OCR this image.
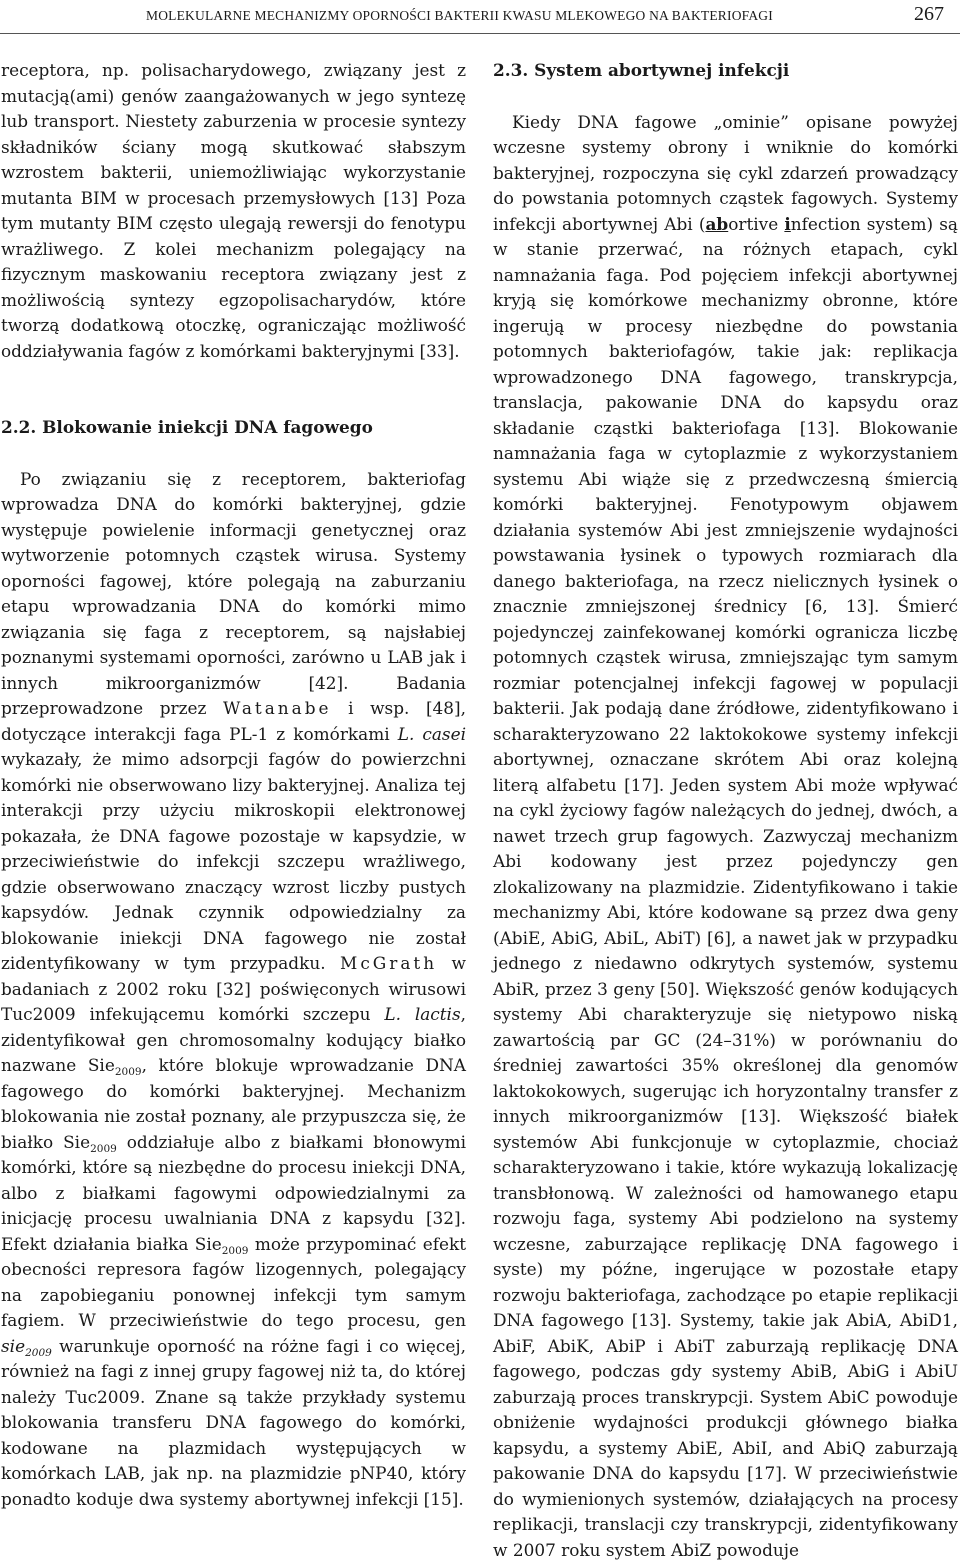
MOLEKULARNE MECHANIZMY OPORNOŚCI BAKTERII KWASU MLEKOWEGO NA BAKTERIOFAGI	267

receptora, np. polisacharydowego, związany jest z mutacją(ami) genów zaangażowanych w jego syntezę lub transport. Niestety zaburzenia w procesie syntezy składników ściany mogą skutkować słabszym wzrostem bakterii, uniemożliwiając wykorzystanie mutanta BIM w procesach przemysłowych [13] Poza tym mutanty BIM często ulegają rewersji do fenotypu wrażliwego. Z kolei mechanizm polegający na fizycznym maskowaniu receptora związany jest z możliwością syntezy egzopolisacharydów, które tworzą dodatkową otoczkę, ograniczając możliwość oddziaływania fagów z komórkami bakteryjnymi [33].

2.2. Blokowanie iniekcji DNA fagowego

Po związaniu się z receptorem, bakteriofag wprowadza DNA do komórki bakteryjnej, gdzie występuje powielenie informacji genetycznej oraz wytworzenie potomnych cząstek wirusa. Systemy oporności fagowej, które polegają na zaburzaniu etapu wprowadzania DNA do komórki mimo związania się faga z receptorem, są najsłabiej poznanymi systemami oporności, zarówno u LAB jak i innych mikroorganizmów [42]. Badania przeprowadzone przez Watanabe i wsp. [48], dotyczące interakcji faga PL-1 z komórkami L. casei wykazały, że mimo adsorpcji fagów do powierzchni komórki nie obserwowano lizy bakteryjnej. Analiza tej interakcji przy użyciu mikroskopii elektronowej pokazała, że DNA fagowe pozostaje w kapsydzie, w przeciwieństwie do infekcji szczepu wrażliwego, gdzie obserwowano znaczący wzrost liczby pustych kapsydów. Jednak czynnik odpowiedzialny za blokowanie iniekcji DNA fagowego nie został zidentyfikowany w tym przypadku. McGrath w badaniach z 2002 roku [32] poświęconych wirusowi Tuc2009 infekującemu komórki szczepu L. lactis, zidentyfikował gen chromosomalny kodujący białko nazwane Sie$_{2009}$, które blokuje wprowadzanie DNA fagowego do komórki bakteryjnej. Mechanizm blokowania nie został poznany, ale przypuszcza się, że białko Sie$_{2009}$ oddziałuje albo z białkami błonowymi komórki, które są niezbędne do procesu iniekcji DNA, albo z białkami fagowymi odpowiedzialnymi za inicjację procesu uwalniania DNA z kapsydu [32]. Efekt działania białka Sie$_{2009}$ może przypominać efekt obecności represora fagów lizogennych, polegający na zapobieganiu ponownej infekcji tym samym fagiem. W przeciwieństwie do tego procesu, gen sie$_{2009}$ warunkuje oporność na różne fagi i co więcej, również na fagi z innej grupy fagowej niż ta, do której należy Tuc2009. Znane są także przykłady systemu blokowania transferu DNA fagowego do komórki, kodowane na plazmidach występujących w komórkach LAB, jak np. na plazmidzie pNP40, który ponadto koduje dwa systemy abortywnej infekcji [15].

2.3. System abortywnej infekcji

Kiedy DNA fagowe „ominie” opisane powyżej wczesne systemy obrony i wniknie do komórki bakteryjnej, rozpoczyna się cykl zdarzeń prowadzący do powstania potomnych cząstek fagowych. Systemy infekcji abortywnej Abi (abortive infection system) są w stanie przerwać, na różnych etapach, cykl namnażania faga. Pod pojęciem infekcji abortywnej kryją się komórkowe mechanizmy obronne, które ingerują w procesy niezbędne do powstania potomnych bakteriofagów, takie jak: replikacja wprowadzonego DNA fagowego, transkrypcja, translacja, pakowanie DNA do kapsydu oraz składanie cząstki bakteriofaga [13]. Blokowanie namnażania faga w cytoplazmie z wykorzystaniem systemu Abi wiąże się z przedwczesną śmiercią komórki bakteryjnej. Fenotypowym objawem działania systemów Abi jest zmniejszenie wydajności powstawania łysinek o typowych rozmiarach dla danego bakteriofaga, na rzecz nielicznych łysinek o znacznie zmniejszonej średnicy [6, 13]. Śmierć pojedynczej zainfekowanej komórki ogranicza liczbę potomnych cząstek wirusa, zmniejszając tym samym rozmiar potencjalnej infekcji fagowej w populacji bakterii. Jak podają dane źródłowe, zidentyfikowano i scharakteryzowano 22 laktokokowe systemy infekcji abortywnej, oznaczane skrótem Abi oraz kolejną literą alfabetu [17]. Jeden system Abi może wpływać na cykl życiowy fagów należących do jednej, dwóch, a nawet trzech grup fagowych. Zazwyczaj mechanizm Abi kodowany jest przez pojedynczy gen zlokalizowany na plazmidzie. Zidentyfikowano i takie mechanizmy Abi, które kodowane są przez dwa geny (AbiE, AbiG, AbiL, AbiT) [6], a nawet jak w przypadku jednego z niedawno odkrytych systemów, systemu AbiR, przez 3 geny [50]. Większość genów kodujących systemy Abi charakteryzuje się nietypowo niską zawartością par GC (24–31%) w porównaniu do średniej zawartości 35% określonej dla genomów laktokokowych, sugerując ich horyzontalny transfer z innych mikroorganizmów [13]. Większość białek systemów Abi funkcjonuje w cytoplazmie, chociaż scharakteryzowano i takie, które wykazują lokalizację transbłonową. W zależności od hamowanego etapu rozwoju faga, systemy Abi podzielono na systemy wczesne, zaburzające replikację DNA fagowego i syste) my późne, ingerujące w pozostałe etapy rozwoju bakteriofaga, zachodzące po etapie replikacji DNA fagowego [13]. Systemy, takie jak AbiA, AbiD1, AbiF, AbiK, AbiP i AbiT zaburzają replikację DNA fagowego, podczas gdy systemy AbiB, AbiG i AbiU zaburzają proces transkrypcji. System AbiC powoduje obniżenie wydajności produkcji głównego białka kapsydu, a systemy AbiE, AbiI, and AbiQ zaburzają pakowanie DNA do kapsydu [17]. W przeciwieństwie do wymienionych systemów, działających na procesy replikacji, translacji czy transkrypcji, zidentyfikowany w 2007 roku system AbiZ powoduje
